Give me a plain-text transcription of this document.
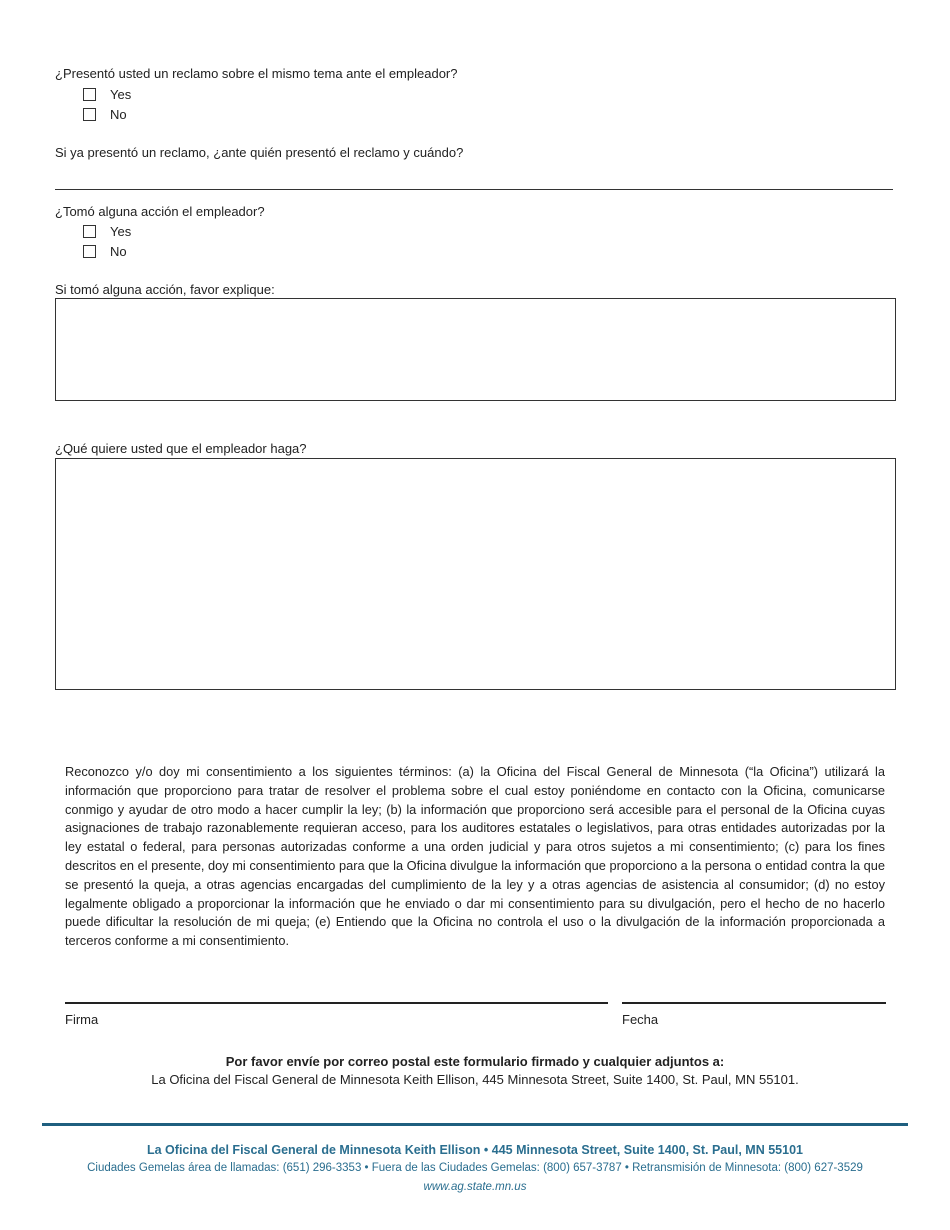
¿Presentó usted un reclamo sobre el mismo tema ante el empleador?
Yes
No
Si ya presentó un reclamo, ¿ante quién presentó el reclamo y cuándo?
¿Tomó alguna acción el empleador?
Yes
No
Si tomó alguna acción, favor explique:
¿Qué quiere usted que el empleador haga?
Reconozco y/o doy mi consentimiento a los siguientes términos: (a) la Oficina del Fiscal General de Minnesota (“la Oficina”) utilizará la información que proporciono para tratar de resolver el problema sobre el cual estoy poniéndome en contacto con la Oficina, comunicarse conmigo y ayudar de otro modo a hacer cumplir la ley; (b) la información que proporciono será accesible para el personal de la Oficina cuyas asignaciones de trabajo razonablemente requieran acceso, para los auditores estatales o legislativos, para otras entidades autorizadas por la ley estatal o federal, para personas autorizadas conforme a una orden judicial y para otros sujetos a mi consentimiento; (c) para los fines descritos en el presente, doy mi consentimiento para que la Oficina divulgue la información que proporciono a la persona o entidad contra la que se presentó la queja, a otras agencias encargadas del cumplimiento de la ley y a otras agencias de asistencia al consumidor; (d) no estoy legalmente obligado a proporcionar la información que he enviado o dar mi consentimiento para su divulgación, pero el hecho de no hacerlo puede dificultar la resolución de mi queja; (e) Entiendo que la Oficina no controla el uso o la divulgación de la información proporcionada a terceros conforme a mi consentimiento.
Firma	Fecha
Por favor envíe por correo postal este formulario firmado y cualquier adjuntos a:
La Oficina del Fiscal General de Minnesota Keith Ellison, 445 Minnesota Street, Suite 1400, St. Paul, MN 55101.
La Oficina del Fiscal General de Minnesota Keith Ellison • 445 Minnesota Street, Suite 1400, St. Paul, MN 55101
Ciudades Gemelas área de llamadas: (651) 296-3353 • Fuera de las Ciudades Gemelas: (800) 657-3787 • Retransmisión de Minnesota: (800) 627-3529
www.ag.state.mn.us
